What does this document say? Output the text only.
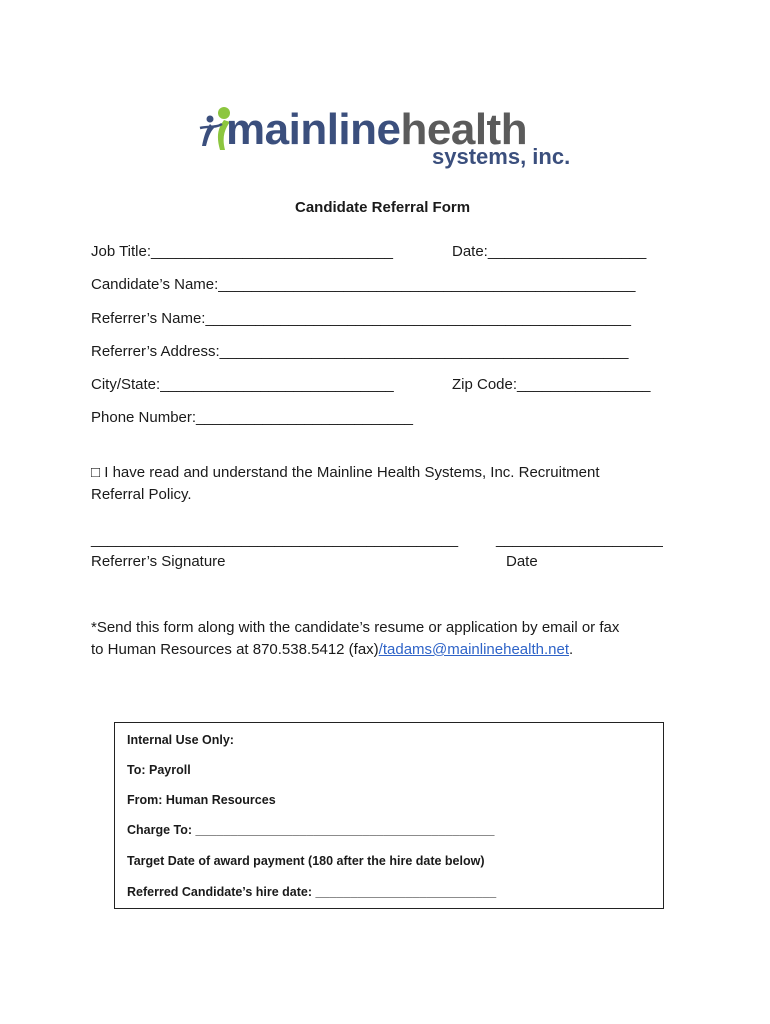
mainlinehealth
systems, inc.
Candidate Referral Form
Job Title:_____________________________	Date:___________________
Candidate’s Name:__________________________________________________
Referrer’s Name:___________________________________________________
Referrer’s Address:_________________________________________________
City/State:____________________________	Zip Code:________________
Phone Number:__________________________
□ I have read and understand the Mainline Health Systems, Inc. Recruitment
Referral Policy.
____________________________________________	____________________
Referrer’s Signature	Date
*Send this form along with the candidate’s resume or application by email or fax
to Human Resources at 870.538.5412 (fax)/tadams@mainlinehealth.net.
Internal Use Only:
To: Payroll
From: Human Resources
Charge To: ___________________________________________
Target Date of award payment (180 after the hire date below)
Referred Candidate’s hire date: __________________________
